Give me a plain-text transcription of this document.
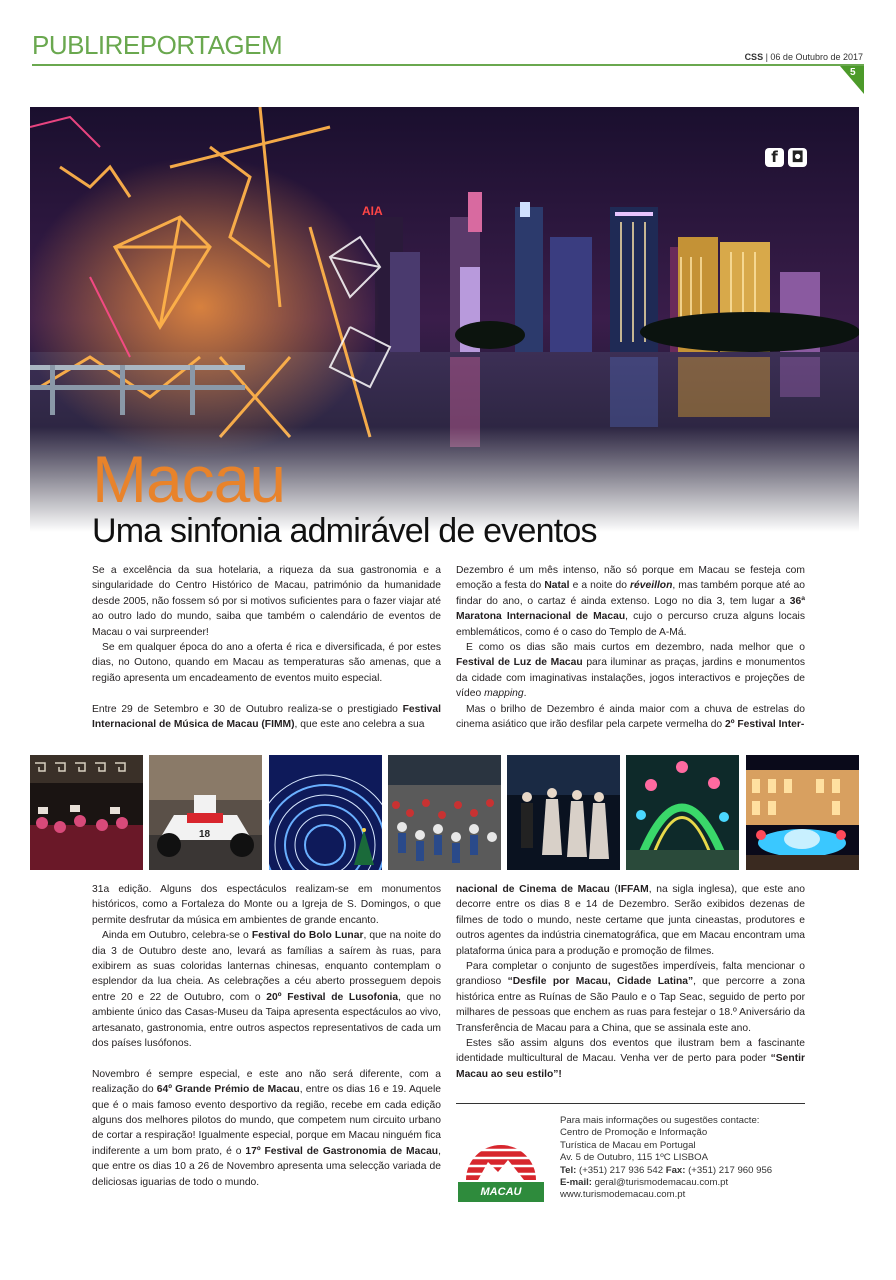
PUBLIREPORTAGEM	CSS | 06 de Outubro de 2017
5
AIA
f ◘
Macau
Uma sinfonia admirável de eventos

Se a excelência da sua hotelaria, a riqueza da sua gastronomia e a singularidade do Centro Histórico de Macau, património da humanidade desde 2005, não fossem só por si motivos suficientes para o fazer viajar até ao outro lado do mundo, saiba que também o calendário de eventos de Macau o vai surpreender!

Se em qualquer época do ano a oferta é rica e diversificada, é por estes dias, no Outono, quando em Macau as temperaturas são amenas, que a região apresenta um encadeamento de eventos muito especial.

Entre 29 de Setembro e 30 de Outubro realiza-se o prestigiado Festival Internacional de Música de Macau (FIMM), que este ano celebra a sua

Dezembro é um mês intenso, não só porque em Macau se festeja com emoção a festa do Natal e a noite do réveillon, mas também porque até ao findar do ano, o cartaz é ainda extenso. Logo no dia 3, tem lugar a 36ª Maratona Internacional de Macau, cujo o percurso cruza alguns locais emblemáticos, como é o caso do Templo de A-Má.

E como os dias são mais curtos em dezembro, nada melhor que o Festival de Luz de Macau para iluminar as praças, jardins e monumentos da cidade com imaginativas instalações, jogos interactivos e projeções de vídeo mapping.

Mas o brilho de Dezembro é ainda maior com a chuva de estrelas do cinema asiático que irão desfilar pela carpete vermelha do 2º Festival Inter-

18

31a edição. Alguns dos espectáculos realizam-se em monumentos históricos, como a Fortaleza do Monte ou a Igreja de S. Domingos, o que permite desfrutar da música em ambientes de grande encanto.

Ainda em Outubro, celebra-se o Festival do Bolo Lunar, que na noite do dia 3 de Outubro deste ano, levará as famílias a saírem às ruas, para exibirem as suas coloridas lanternas chinesas, enquanto contemplam o esplendor da lua cheia. As celebrações a céu aberto prosseguem depois entre 20 e 22 de Outubro, com o 20º Festival de Lusofonia, que no ambiente único das Casas-Museu da Taipa apresenta espectáculos ao vivo, artesanato, gastronomia, entre outros aspectos representativos de cada um dos países lusófonos.

Novembro é sempre especial, e este ano não será diferente, com a realização do 64º Grande Prémio de Macau, entre os dias 16 e 19. Aquele que é o mais famoso evento desportivo da região, recebe em cada edição alguns dos melhores pilotos do mundo, que competem num circuito urbano de cortar a respiração! Igualmente especial, porque em Macau ninguém fica indiferente a um bom prato, é o 17º Festival de Gastronomia de Macau, que entre os dias 10 a 26 de Novembro apresenta uma selecção variada de deliciosas iguarias de todo o mundo.

nacional de Cinema de Macau (IFFAM, na sigla inglesa), que este ano decorre entre os dias 8 e 14 de Dezembro. Serão exibidos dezenas de filmes de todo o mundo, neste certame que junta cineastas, produtores e outros agentes da indústria cinematográfica, que em Macau encontram uma plataforma única para a produção e promoção de filmes.

Para completar o conjunto de sugestões imperdíveis, falta mencionar o grandioso “Desfile por Macau, Cidade Latina”, que percorre a zona histórica entre as Ruínas de São Paulo e o Tap Seac, seguido de perto por milhares de pessoas que enchem as ruas para festejar o 18.º Aniversário da Transferência de Macau para a China, que se assinala este ano.

Estes são assim alguns dos eventos que ilustram bem a fascinante identidade multicultural de Macau. Venha ver de perto para poder “Sentir Macau ao seu estilo”!

MACAU
Para mais informações ou sugestões contacte:
Centro de Promoção e Informação
Turística de Macau em Portugal
Av. 5 de Outubro, 115 1ºC LISBOA
Tel: (+351) 217 936 542 Fax: (+351) 217 960 956
E-mail: geral@turismodemacau.com.pt
www.turismodemacau.com.pt
